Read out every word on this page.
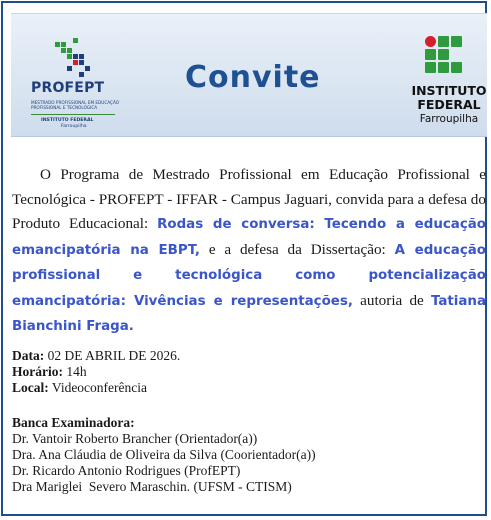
PROFEPT
MESTRADO PROFISSIONAL EM EDUCAÇÃO PROFISSIONAL E TECNOLÓGICA
INSTITUTO FEDERAL
Farroupilha
Convite	INSTITUTO
FEDERAL
Farroupilha

O Programa de Mestrado Profissional em Educação Profissional e Tecnológica - PROFEPT - IFFAR - Campus Jaguari, convida para a defesa do Produto Educacional: Rodas de conversa: Tecendo a educação emancipatória na EBPT, e a defesa da Dissertação: A educação profissional e tecnológica como potencialização emancipatória: Vivências e representações, autoria de Tatiana Bianchini Fraga.

Data: 02 DE ABRIL DE 2026.
Horário: 14h
Local: Videoconferência
Banca Examinadora:
Dr. Vantoir Roberto Brancher (Orientador(a))
Dra. Ana Cláudia de Oliveira da Silva (Coorientador(a))
Dr. Ricardo Antonio Rodrigues (ProfEPT)
Dra Mariglei  Severo Maraschin. (UFSM - CTISM)
